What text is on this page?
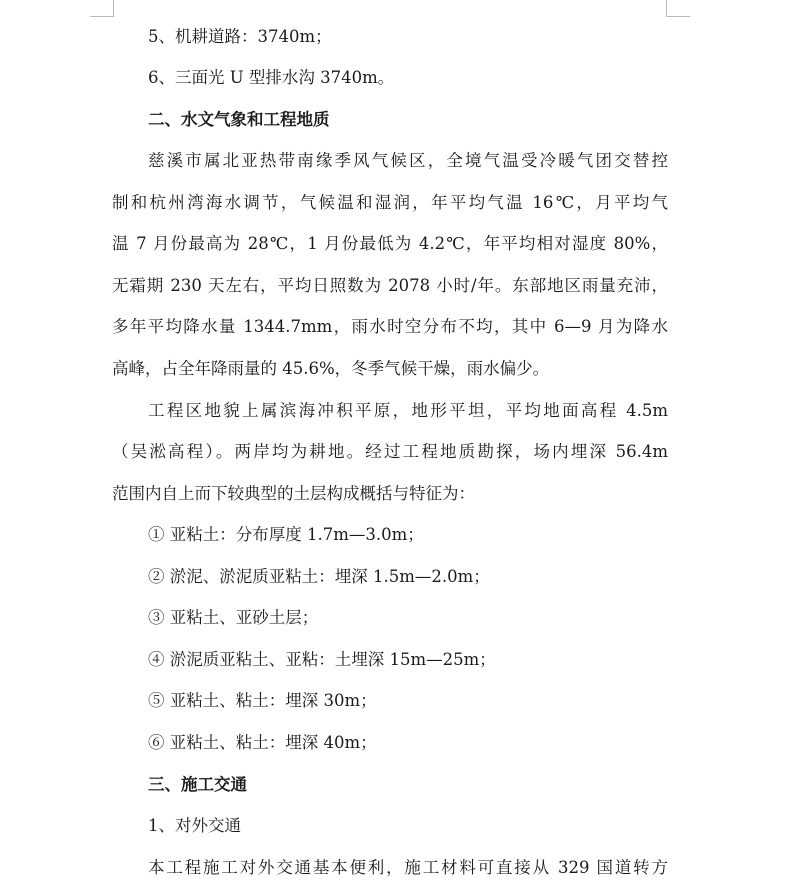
5、机耕道路：3740m；
6、三面光 U 型排水沟 3740m。
二、水文气象和工程地质
慈溪市属北亚热带南缘季风气候区，全境气温受冷暖气团交替控
制和杭州湾海水调节，气候温和湿润，年平均气温 16℃，月平均气
温 7 月份最高为 28℃，1 月份最低为 4.2℃，年平均相对湿度 80%，
无霜期 230 天左右，平均日照数为 2078 小时/年。东部地区雨量充沛，
多年平均降水量 1344.7mm，雨水时空分布不均，其中 6—9 月为降水
高峰，占全年降雨量的 45.6%，冬季气候干燥，雨水偏少。
工程区地貌上属滨海冲积平原，地形平坦，平均地面高程 4.5m
（吴淞高程）。两岸均为耕地。经过工程地质勘探，场内埋深 56.4m
范围内自上而下较典型的土层构成概括与特征为：
① 亚粘土：分布厚度 1.7m—3.0m；
② 淤泥、淤泥质亚粘土：埋深 1.5m—2.0m；
③ 亚粘土、亚砂土层；
④ 淤泥质亚粘土、亚粘：土埋深 15m—25m；
⑤ 亚粘土、粘土：埋深 30m；
⑥ 亚粘土、粘土：埋深 40m；
三、施工交通
1、对外交通
本工程施工对外交通基本便利，施工材料可直接从 329 国道转方
